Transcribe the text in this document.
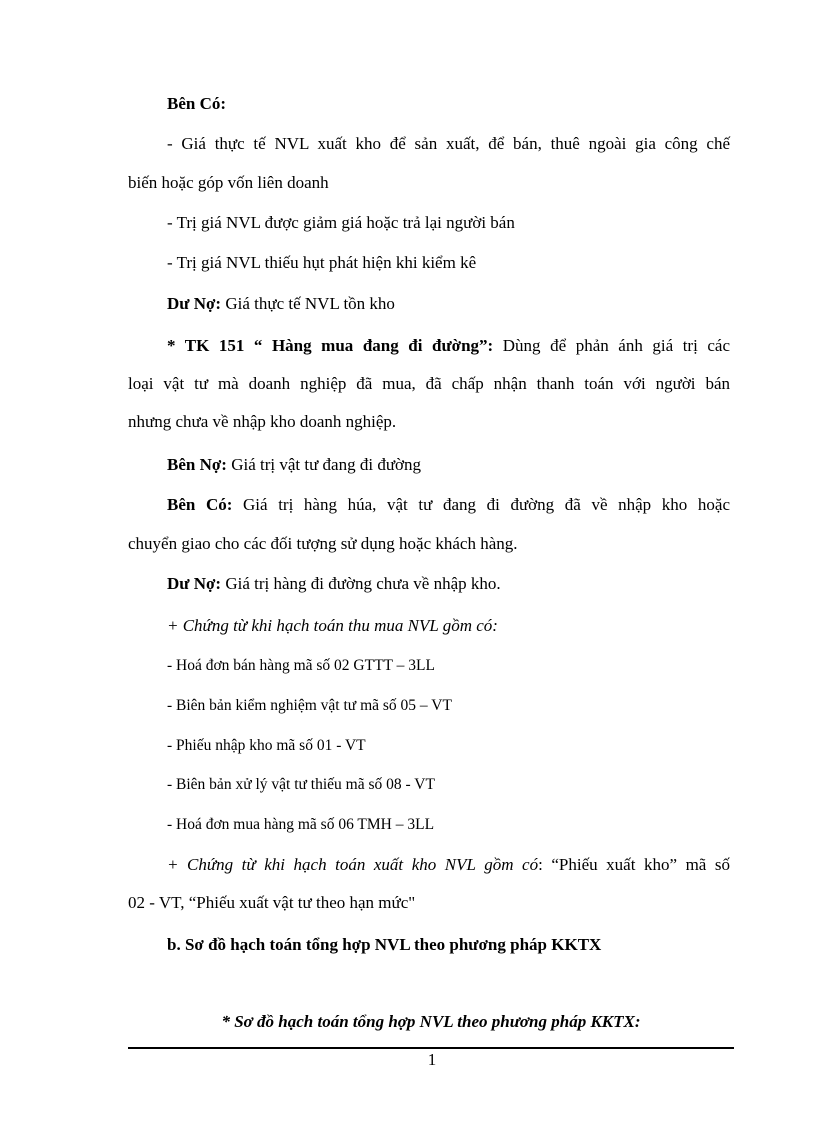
Bên Có:
- Giá thực tế NVL xuất kho để sản xuất, để bán, thuê ngoài gia công chế
biến hoặc góp vốn liên doanh
- Trị giá NVL được giảm giá hoặc trả lại người bán
- Trị giá NVL thiếu hụt phát hiện khi kiểm kê
Dư Nợ: Giá thực tế NVL tồn kho
* TK 151 “ Hàng mua đang đi đường”: Dùng để phản ánh giá trị các
loại vật tư mà doanh nghiệp đã mua, đã chấp nhận thanh toán với người bán
nhưng chưa về nhập kho doanh nghiệp.
Bên Nợ: Giá trị vật tư đang đi đường
Bên Có: Giá trị hàng húa, vật tư đang đi đường đã về nhập kho hoặc
chuyển giao cho các đối tượng sử dụng hoặc khách hàng.
Dư Nợ: Giá trị hàng đi đường chưa về nhập kho.
+ Chứng từ khi hạch toán thu mua NVL gồm có:
- Hoá đơn bán hàng mã số 02 GTTT – 3LL
- Biên bản kiểm nghiệm vật tư mã số 05 – VT
- Phiếu nhập kho mã số 01 - VT
- Biên bản xử lý vật tư thiếu mã số 08 - VT
- Hoá đơn mua hàng mã số 06 TMH – 3LL
+ Chứng từ khi hạch toán xuất kho NVL gồm có: “Phiếu xuất kho” mã số
02 - VT, “Phiếu xuất vật tư theo hạn mức"
b. Sơ đồ hạch toán tổng hợp NVL theo phương pháp KKTX
* Sơ đồ hạch toán tổng hợp NVL theo phương pháp KKTX:
1
